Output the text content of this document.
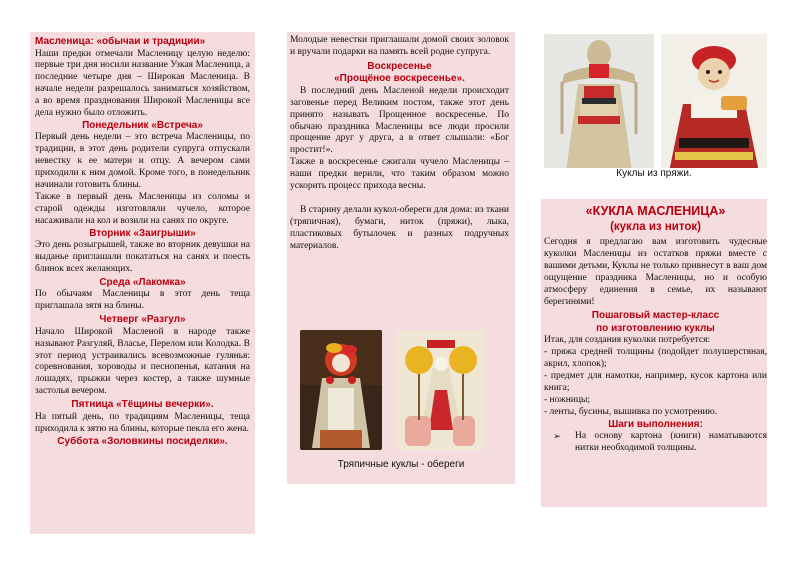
Масленица: «обычаи и традиции»

Наши предки отмечали Масленицу целую неделю: первые три дня носили название Узкая Масленица, а последние четыре дня – Широкая Масленица. В начале недели разрешалось заниматься хозяйством, а во время празднования Широкой Масленицы все дела нужно было отложить.

Понедельник «Встреча»

Первый день недели – это встреча Масленицы, по традиции, в этот день родители супруга отпускали невестку к ее матери и отцу. А вечером сами приходили к ним домой. Кроме того, в понедельник начинали готовить блины.

Также в первый день Масленицы из соломы и старой одежды изготовляли чучело, которое насаживали на кол и возили на санях по округе.

Вторник «Заигрыши»

Это день розыгрышей, также во вторник девушки на выданье приглашали покататься на санях и поесть блинок всех желающих.

Среда «Лакомка»

По обычаям Масленицы в этот день теща приглашала зятя на блины.

Четверг «Разгул»

Начало Широкой Масленой в народе также называют Разгуляй, Власье, Перелом или Колодка. В этот период устраивались всевозможные гулянья: соревнования, хороводы и песнопенья, катания на лошадях, прыжки через костер, а также шумные застолья вечером.

Пятница «Тёщины вечерки».

На пятый день, по традициям Масленицы, теща приходила к зятю на блины, которые пекла его жена.

Суббота «Золовкины посиделки».

Молодые невестки приглашали домой своих золовок и вручали подарки на память всей родне супруга.

Воскресенье
«Прощёное воскресенье».

В последний день Масленой недели происходит заговенье перед Великим постом, также этот день принято называть Прощенное воскресенье. По обычаю праздника Масленицы все люди просили прощение друг у друга, а в ответ слышали: «Бог простит!».

Также в воскресенье сжигали чучело Масленицы – наши предки верили, что таким образом можно ускорить процесс прихода весны.

В старину делали кукол-обереги для дома: из ткани (тряпичная), бумаги, ниток (пряжи), лыка, пластиковых бутылочек и разных подручных материалов.

Тряпичные куклы - обереги
Куклы из пряжи.
«КУКЛА МАСЛЕНИЦА»
(кукла из ниток)

Сегодня я предлагаю вам изготовить чудесные куколки Масленицы из остатков пряжи вместе с вашими детьми, Куклы не только привнесут в ваш дом ощущение праздника Масленицы, но и особую атмосферу единения в семье, их называют берегинями!

Пошаговый мастер-класс
по изготовлению куклы

Итак, для создания куколки потребуется:

- пряжа средней толщины (подойдет полушерстяная, акрил, хлопок);

- предмет для намотки, например, кусок картона или книга;

- ножницы;

- ленты, бусины, вышивка по усмотрению.

Шаги выполнения:
➢	На основу картона (книги) наматываются нитки необходимой толщины.
